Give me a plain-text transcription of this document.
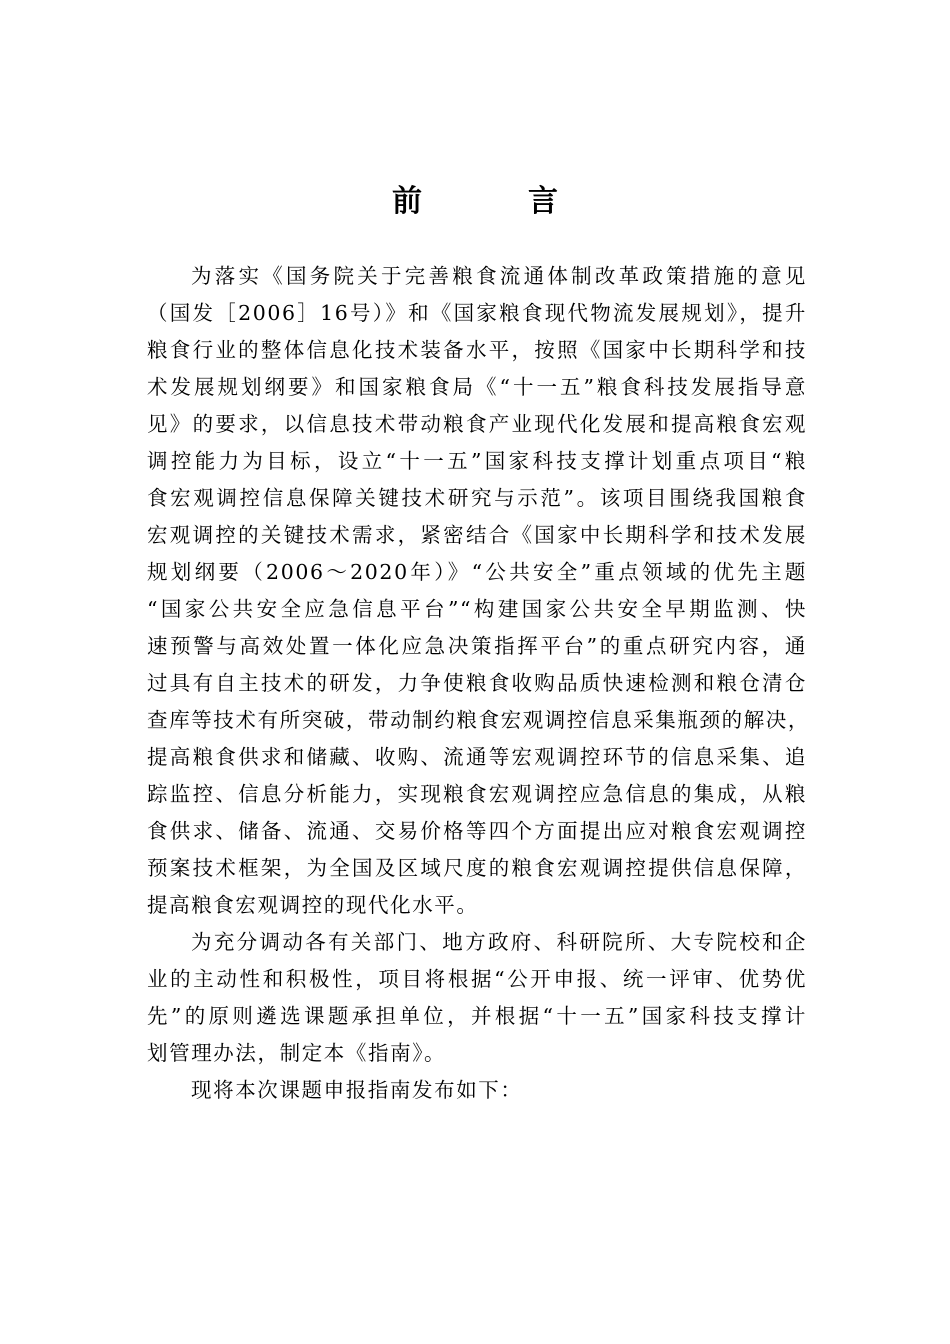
前　言
为落实《国务院关于完善粮食流通体制改革政策措施的意见
（国发［2006］16号）》和《国家粮食现代物流发展规划》，提升
粮食行业的整体信息化技术装备水平，按照《国家中长期科学和技
术发展规划纲要》和国家粮食局《“十一五”粮食科技发展指导意
见》的要求，以信息技术带动粮食产业现代化发展和提高粮食宏观
调控能力为目标，设立“十一五”国家科技支撑计划重点项目“粮
食宏观调控信息保障关键技术研究与示范”。该项目围绕我国粮食
宏观调控的关键技术需求，紧密结合《国家中长期科学和技术发展
规划纲要（2006～2020年）》“公共安全”重点领域的优先主题
“国家公共安全应急信息平台”“构建国家公共安全早期监测、快
速预警与高效处置一体化应急决策指挥平台”的重点研究内容，通
过具有自主技术的研发，力争使粮食收购品质快速检测和粮仓清仓
查库等技术有所突破，带动制约粮食宏观调控信息采集瓶颈的解决，
提高粮食供求和储藏、收购、流通等宏观调控环节的信息采集、追
踪监控、信息分析能力，实现粮食宏观调控应急信息的集成，从粮
食供求、储备、流通、交易价格等四个方面提出应对粮食宏观调控
预案技术框架，为全国及区域尺度的粮食宏观调控提供信息保障，
提高粮食宏观调控的现代化水平。
为充分调动各有关部门、地方政府、科研院所、大专院校和企
业的主动性和积极性，项目将根据“公开申报、统一评审、优势优
先”的原则遴选课题承担单位，并根据“十一五”国家科技支撑计
划管理办法，制定本《指南》。
现将本次课题申报指南发布如下：
